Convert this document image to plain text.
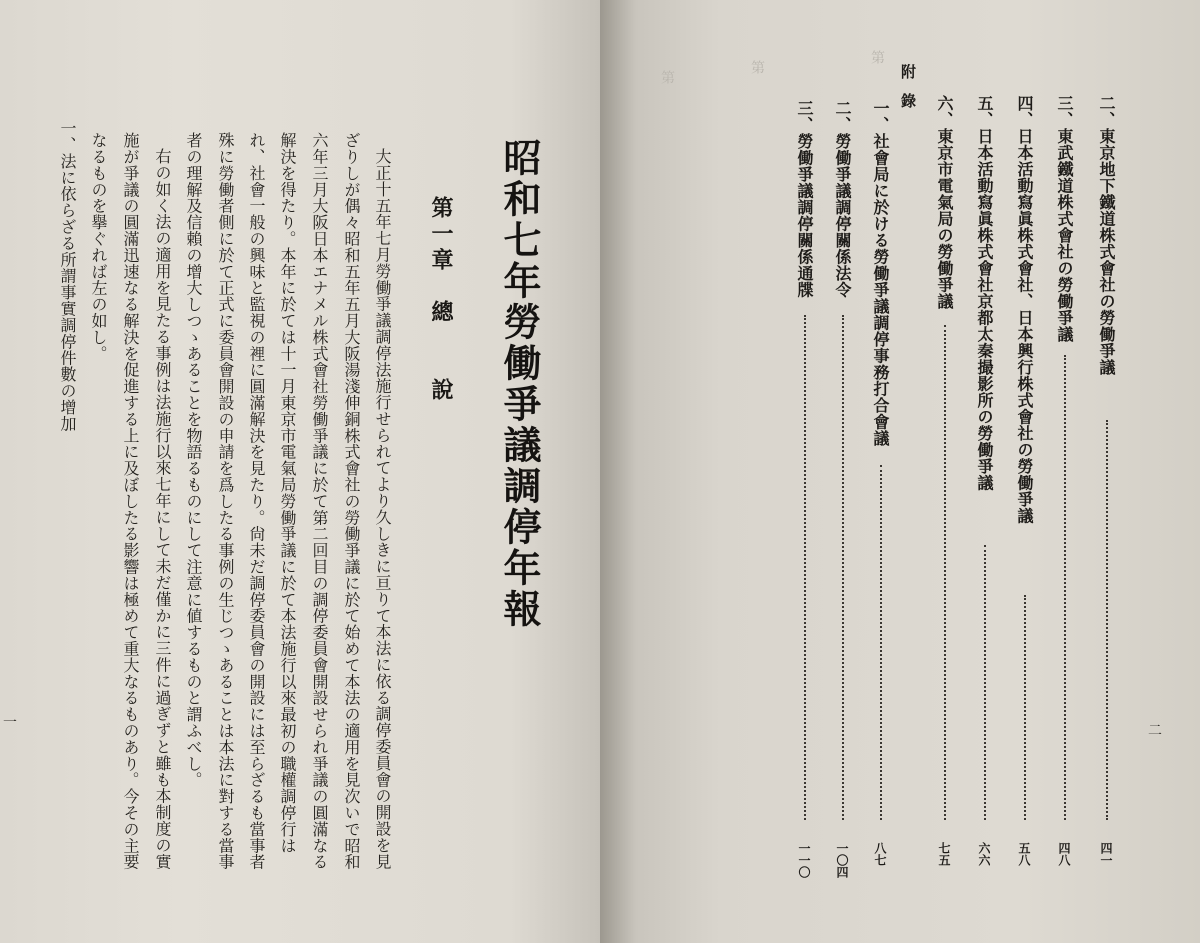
昭和七年勞働爭議調停年報
第一章　總　　說
大正十五年七月勞働爭議調停法施行せられてより久しきに亘りて本法に依る調停委員會の開設を見
ざりしが偶々昭和五年五月大阪湯淺伸銅株式會社の勞働爭議に於て始めて本法の適用を見次いで昭和
六年三月大阪日本エナメル株式會社勞働爭議に於て第二回目の調停委員會開設せられ爭議の圓滿なる
解決を得たり。本年に於ては十一月東京市電氣局勞働爭議に於て本法施行以來最初の職權調停行は
れ、社會一般の興味と監視の裡に圓滿解決を見たり。尙未だ調停委員會の開設には至らざるも當事者
殊に勞働者側に於て正式に委員會開設の申請を爲したる事例の生じつゝあることは本法に對する當事
者の理解及信賴の增大しつゝあることを物語るものにして注意に値するものと謂ふべし。
右の如く法の適用を見たる事例は法施行以來七年にして未だ僅かに三件に過ぎずと雖も本制度の實
施が爭議の圓滿迅速なる解決を促進する上に及ぼしたる影響は極めて重大なるものあり。今その主要
なるものを擧ぐれば左の如し。
一、法に依らざる所謂事實調停件數の增加
一
第
第
第
二、東京地下鐵道株式會社の勞働爭議
四一
三、東武鐵道株式會社の勞働爭議
四八
四、日本活動寫眞株式會社、日本興行株式會社の勞働爭議
五八
五、日本活動寫眞株式會社京都太秦撮影所の勞働爭議
六六
六、東京市電氣局の勞働爭議
七五
附錄
一、社會局に於ける勞働爭議調停事務打合會議
八七
二、勞働爭議調停關係法令
一〇四
三、勞働爭議調停關係通牒
一一〇
二
